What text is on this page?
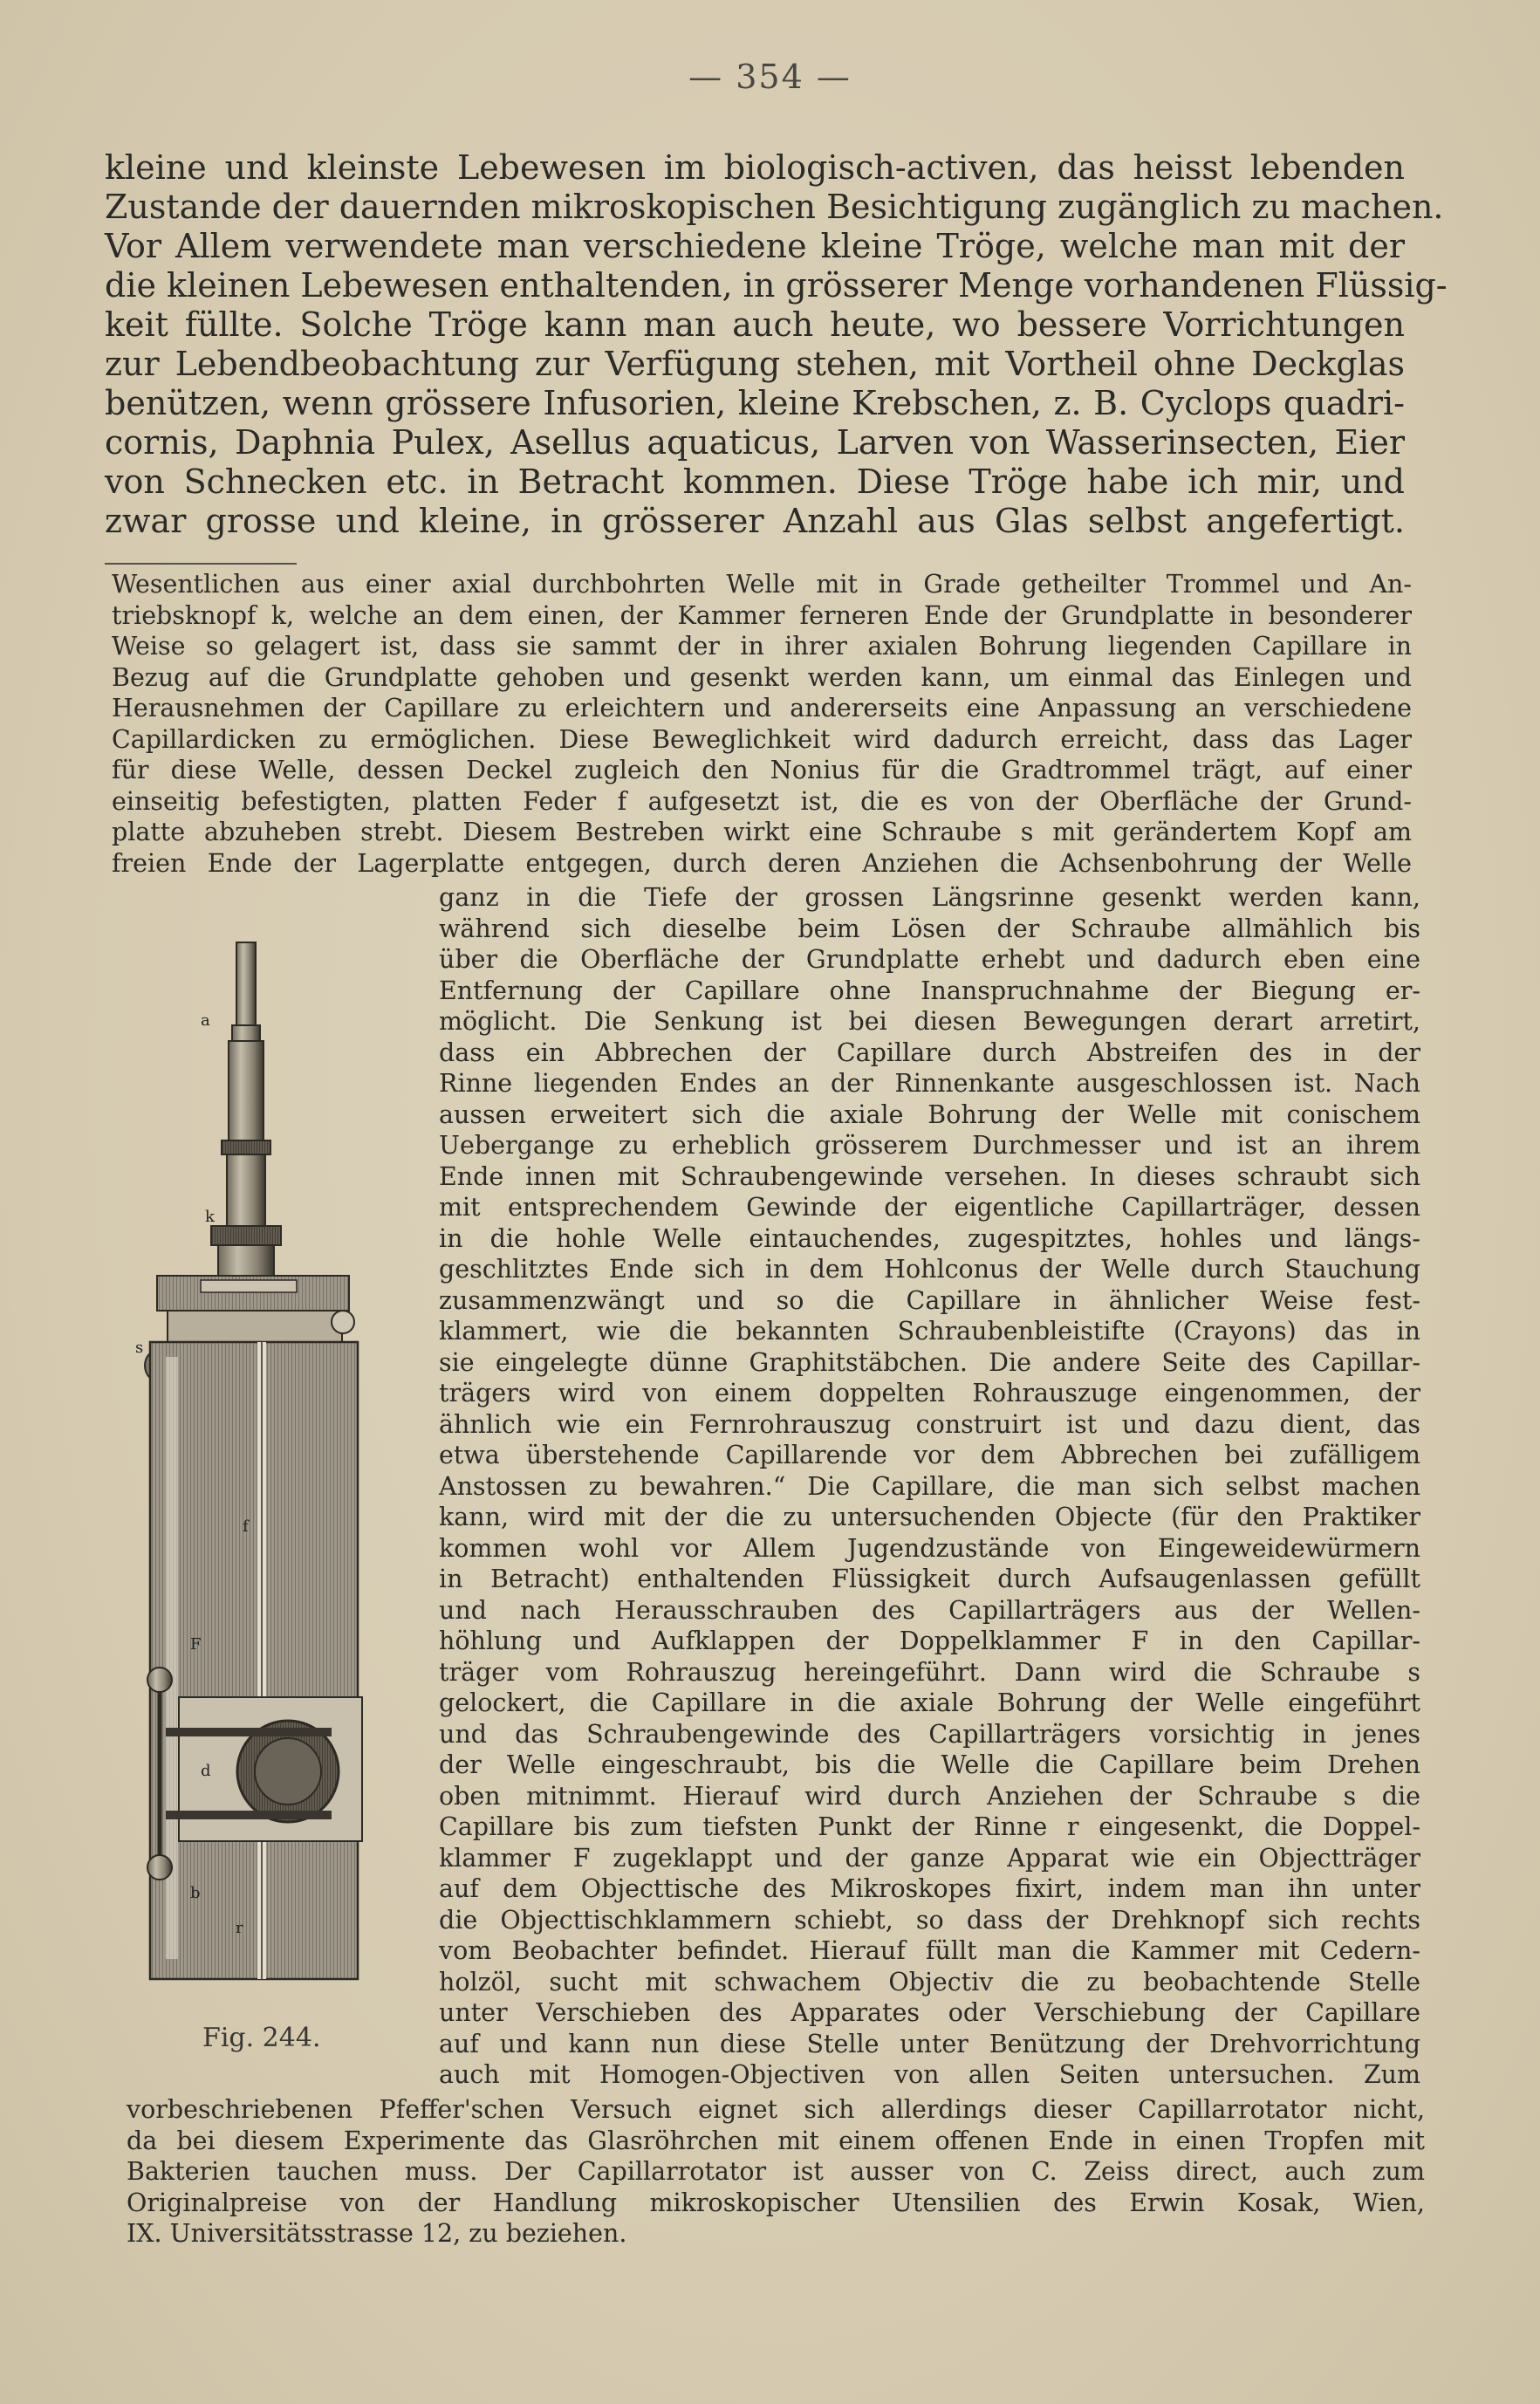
— 354 —
kleine und kleinste Lebewesen im biologisch-activen, das heisst lebenden
Zustande der dauernden mikroskopischen Besichtigung zugänglich zu machen.
Vor Allem verwendete man verschiedene kleine Tröge, welche man mit der
die kleinen Lebewesen enthaltenden, in grösserer Menge vorhandenen Flüssig-
keit füllte. Solche Tröge kann man auch heute, wo bessere Vorrichtungen
zur Lebendbeobachtung zur Verfügung stehen, mit Vortheil ohne Deckglas
benützen, wenn grössere Infusorien, kleine Krebschen, z. B. Cyclops quadri-
cornis, Daphnia Pulex, Asellus aquaticus, Larven von Wasserinsecten, Eier
von Schnecken etc. in Betracht kommen. Diese Tröge habe ich mir, und
zwar grosse und kleine, in grösserer Anzahl aus Glas selbst angefertigt.
Wesentlichen aus einer axial durchbohrten Welle mit in Grade getheilter Trommel und An-
triebsknopf k, welche an dem einen, der Kammer ferneren Ende der Grundplatte in besonderer
Weise so gelagert ist, dass sie sammt der in ihrer axialen Bohrung liegenden Capillare in
Bezug auf die Grundplatte gehoben und gesenkt werden kann, um einmal das Einlegen und
Herausnehmen der Capillare zu erleichtern und andererseits eine Anpassung an verschiedene
Capillardicken zu ermöglichen. Diese Beweglichkeit wird dadurch erreicht, dass das Lager
für diese Welle, dessen Deckel zugleich den Nonius für die Gradtrommel trägt, auf einer
einseitig befestigten, platten Feder f aufgesetzt ist, die es von der Oberfläche der Grund-
platte abzuheben strebt. Diesem Bestreben wirkt eine Schraube s mit gerändertem Kopf am
freien Ende der Lagerplatte entgegen, durch deren Anziehen die Achsenbohrung der Welle
ganz in die Tiefe der grossen Längsrinne gesenkt werden kann,
während sich dieselbe beim Lösen der Schraube allmählich bis
über die Oberfläche der Grundplatte erhebt und dadurch eben eine
Entfernung der Capillare ohne Inanspruchnahme der Biegung er-
möglicht. Die Senkung ist bei diesen Bewegungen derart arretirt,
dass ein Abbrechen der Capillare durch Abstreifen des in der
Rinne liegenden Endes an der Rinnenkante ausgeschlossen ist. Nach
aussen erweitert sich die axiale Bohrung der Welle mit conischem
Uebergange zu erheblich grösserem Durchmesser und ist an ihrem
Ende innen mit Schraubengewinde versehen. In dieses schraubt sich
mit entsprechendem Gewinde der eigentliche Capillarträger, dessen
in die hohle Welle eintauchendes, zugespitztes, hohles und längs-
geschlitztes Ende sich in dem Hohlconus der Welle durch Stauchung
zusammenzwängt und so die Capillare in ähnlicher Weise fest-
klammert, wie die bekannten Schraubenbleistifte (Crayons) das in
sie eingelegte dünne Graphitstäbchen. Die andere Seite des Capillar-
trägers wird von einem doppelten Rohrauszuge eingenommen, der
ähnlich wie ein Fernrohrauszug construirt ist und dazu dient, das
etwa überstehende Capillarende vor dem Abbrechen bei zufälligem
Anstossen zu bewahren.“ Die Capillare, die man sich selbst machen
kann, wird mit der die zu untersuchenden Objecte (für den Praktiker
kommen wohl vor Allem Jugendzustände von Eingeweidewürmern
in Betracht) enthaltenden Flüssigkeit durch Aufsaugenlassen gefüllt
und nach Herausschrauben des Capillarträgers aus der Wellen-
höhlung und Aufklappen der Doppelklammer F in den Capillar-
träger vom Rohrauszug hereingeführt. Dann wird die Schraube s
gelockert, die Capillare in die axiale Bohrung der Welle eingeführt
und das Schraubengewinde des Capillarträgers vorsichtig in jenes
der Welle eingeschraubt, bis die Welle die Capillare beim Drehen
oben mitnimmt. Hierauf wird durch Anziehen der Schraube s die
Capillare bis zum tiefsten Punkt der Rinne r eingesenkt, die Doppel-
klammer F zugeklappt und der ganze Apparat wie ein Objectträger
auf dem Objecttische des Mikroskopes fixirt, indem man ihn unter
die Objecttischklammern schiebt, so dass der Drehknopf sich rechts
vom Beobachter befindet. Hierauf füllt man die Kammer mit Cedern-
holzöl, sucht mit schwachem Objectiv die zu beobachtende Stelle
unter Verschieben des Apparates oder Verschiebung der Capillare
auf und kann nun diese Stelle unter Benützung der Drehvorrichtung
auch mit Homogen-Objectiven von allen Seiten untersuchen. Zum
a
k
s
f
F
r
b
d
Fig. 244.
vorbeschriebenen Pfeffer'schen Versuch eignet sich allerdings dieser Capillarrotator nicht,
da bei diesem Experimente das Glasröhrchen mit einem offenen Ende in einen Tropfen mit
Bakterien tauchen muss. Der Capillarrotator ist ausser von C. Zeiss direct, auch zum
Originalpreise von der Handlung mikroskopischer Utensilien des Erwin Kosak, Wien,
IX. Universitätsstrasse 12, zu beziehen.
